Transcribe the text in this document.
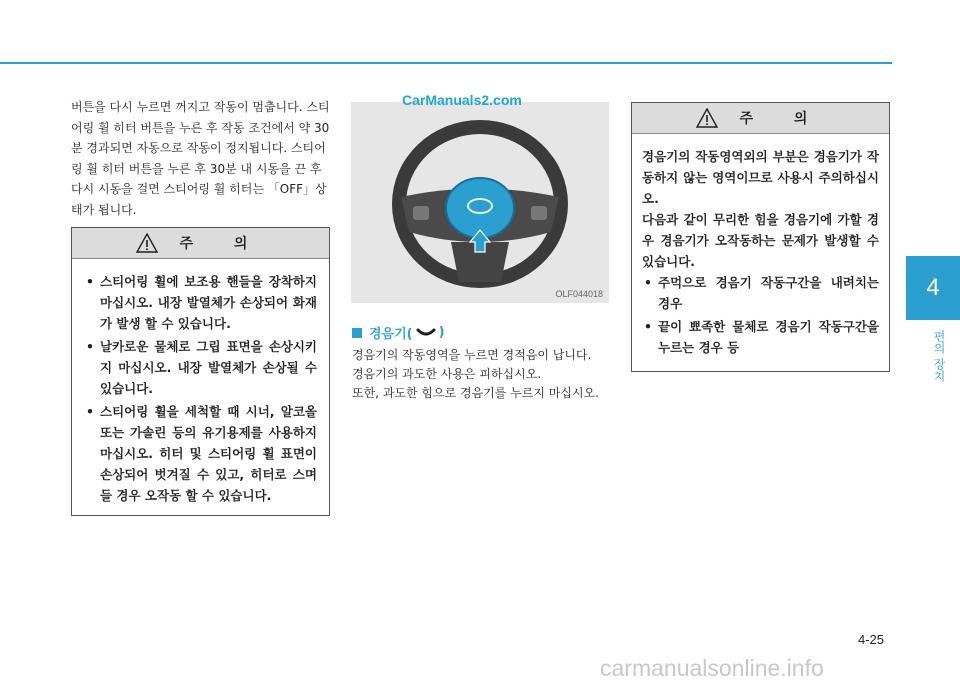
버튼을 다시 누르면 꺼지고 작동이 멈춥니다. 스티어링 휠 히터 버튼을 누른 후 작동 조건에서 약 30분 경과되면 자동으로 작동이 정지됩니다. 스티어링 휠 히터 버튼을 누른 후 30분 내 시동을 끈 후 다시 시동을 걸면 스티어링 휠 히터는 「OFF」상태가 됩니다.
주 의
• 스티어링 휠에 보조용 핸들을 장착하지 마십시오. 내장 발열체가 손상되어 화재가 발생 할 수 있습니다.
• 날카로운 물체로 그립 표면을 손상시키지 마십시오. 내장 발열체가 손상될 수 있습니다.
• 스티어링 휠을 세척할 때 시너, 알코올 또는 가솔린 등의 유기용제를 사용하지 마십시오. 히터 및 스티어링 휠 표면이 손상되어 벗겨질 수 있고, 히터로 스며들 경우 오작동 할 수 있습니다.
OLF044018
CarManuals2.com
경음기( )
경음기의 작동영역을 누르면 경적음이 납니다.
경음기의 과도한 사용은 피하십시오.
또한, 과도한 힘으로 경음기를 누르지 마십시오.
주 의

경음기의 작동영역외의 부분은 경음기가 작동하지 않는 영역이므로 사용시 주의하십시오.

다음과 같이 무리한 힘을 경음기에 가할 경우 경음기가 오작동하는 문제가 발생할 수 있습니다.

• 주먹으로 경음기 작동구간을 내려치는 경우
• 끝이 뾰족한 물체로 경음기 작동구간을 누르는 경우 등
4
편의 장치
4-25
carmanualsonline.info
